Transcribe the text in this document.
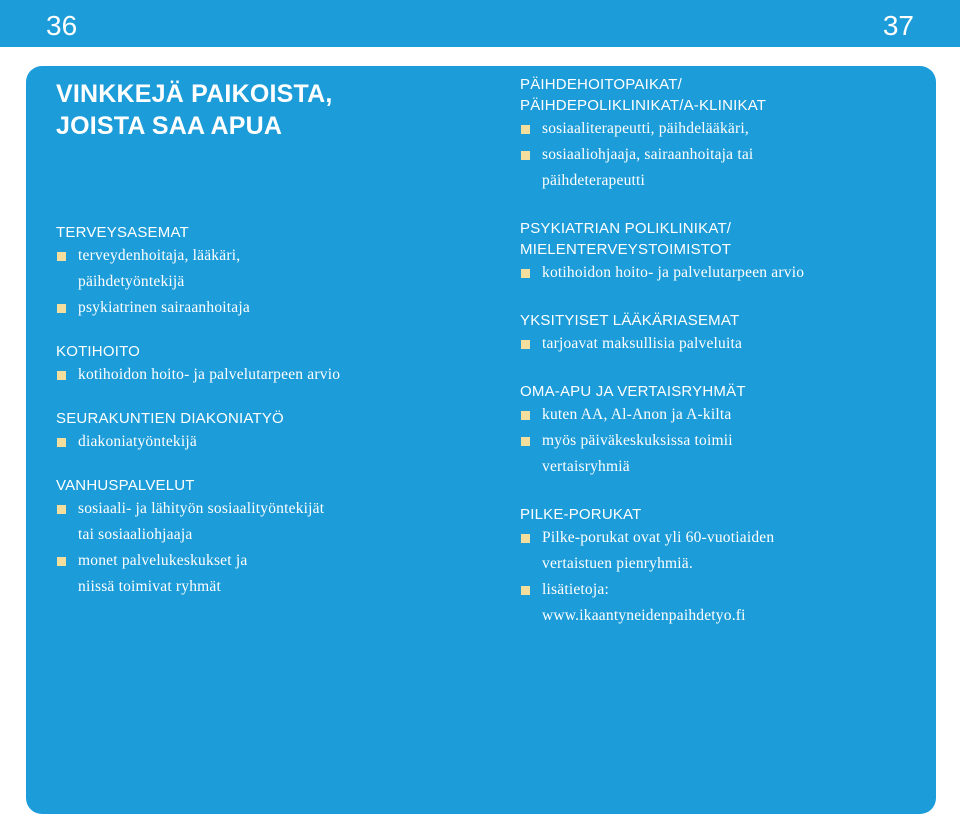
36	37
VINKKEJÄ PAIKOISTA,
JOISTA SAA APUA
TERVEYSASEMAT
terveydenhoitaja, lääkäri,
päihdetyöntekijä
psykiatrinen sairaanhoitaja
KOTIHOITO
kotihoidon hoito- ja palvelutarpeen arvio
SEURAKUNTIEN DIAKONIATYÖ
diakoniatyöntekijä
VANHUSPALVELUT
sosiaali- ja lähityön sosiaalityöntekijät
tai sosiaaliohjaaja
monet palvelukeskukset ja
niissä toimivat ryhmät
PÄIHDEHOITOPAIKAT/
PÄIHDEPOLIKLINIKAT/A-KLINIKAT
sosiaaliterapeutti, päihdelääkäri,
sosiaaliohjaaja, sairaanhoitaja tai
päihdeterapeutti
PSYKIATRIAN POLIKLINIKAT/
MIELENTERVEYSTOIMISTOT
kotihoidon hoito- ja palvelutarpeen arvio
YKSITYISET LÄÄKÄRIASEMAT
tarjoavat maksullisia palveluita
OMA-APU JA VERTAISRYHMÄT
kuten AA, Al-Anon ja A-kilta
myös päiväkeskuksissa toimii
vertaisryhmiä
PILKE-PORUKAT
Pilke-porukat ovat yli 60-vuotiaiden
vertaistuen pienryhmiä.
lisätietoja:
www.ikaantyneidenpaihdetyo.fi
